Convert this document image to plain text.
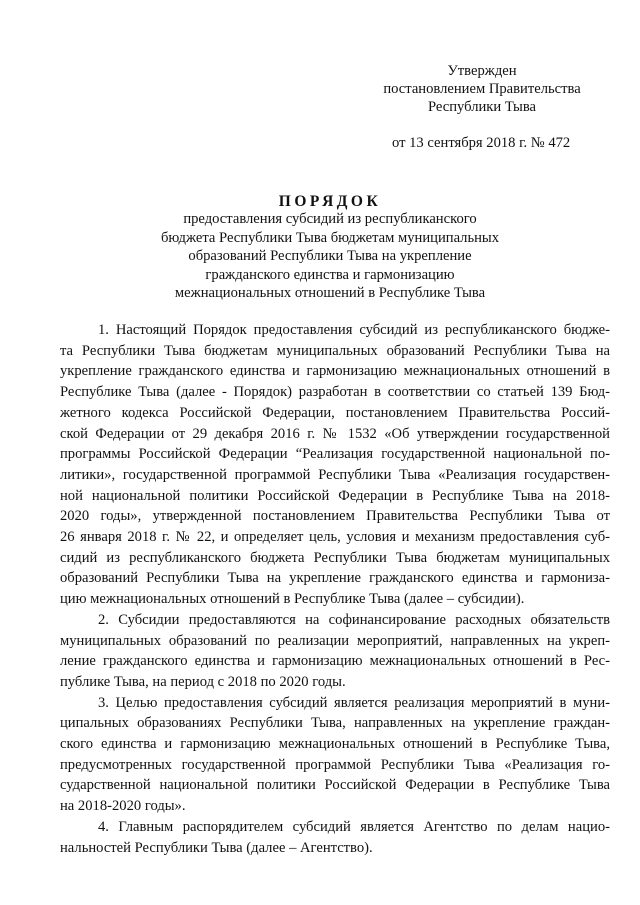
Утвержден
постановлением Правительства
Республики Тыва
от 13 сентября 2018 г. № 472
ПОРЯДОК
предоставления субсидий из республиканского
бюджета Республики Тыва бюджетам муниципальных
образований Республики Тыва на укрепление
гражданского единства и гармонизацию
межнациональных отношений в Республике Тыва
1. Настоящий Порядок предоставления субсидий из республиканского бюдже-
та Республики Тыва бюджетам муниципальных образований Республики Тыва на
укрепление гражданского единства и гармонизацию межнациональных отношений в
Республике Тыва (далее - Порядок) разработан в соответствии со статьей 139 Бюд-
жетного кодекса Российской Федерации, постановлением Правительства Россий-
ской Федерации от 29 декабря 2016 г. № 1532 «Об утверждении государственной
программы Российской Федерации “Реализация государственной национальной по-
литики», государственной программой Республики Тыва «Реализация государствен-
ной национальной политики Российской Федерации в Республике Тыва на 2018-
2020 годы», утвержденной постановлением Правительства Республики Тыва от
26 января 2018 г. № 22, и определяет цель, условия и механизм предоставления суб-
сидий из республиканского бюджета Республики Тыва бюджетам муниципальных
образований Республики Тыва на укрепление гражданского единства и гармониза-
цию межнациональных отношений в Республике Тыва (далее – субсидии).
2. Субсидии предоставляются на софинансирование расходных обязательств
муниципальных образований по реализации мероприятий, направленных на укреп-
ление гражданского единства и гармонизацию межнациональных отношений в Рес-
публике Тыва, на период с 2018 по 2020 годы.
3. Целью предоставления субсидий является реализация мероприятий в муни-
ципальных образованиях Республики Тыва, направленных на укрепление граждан-
ского единства и гармонизацию межнациональных отношений в Республике Тыва,
предусмотренных государственной программой Республики Тыва «Реализация го-
сударственной национальной политики Российской Федерации в Республике Тыва
на 2018-2020 годы».
4. Главным распорядителем субсидий является Агентство по делам нацио-
нальностей Республики Тыва (далее – Агентство).
